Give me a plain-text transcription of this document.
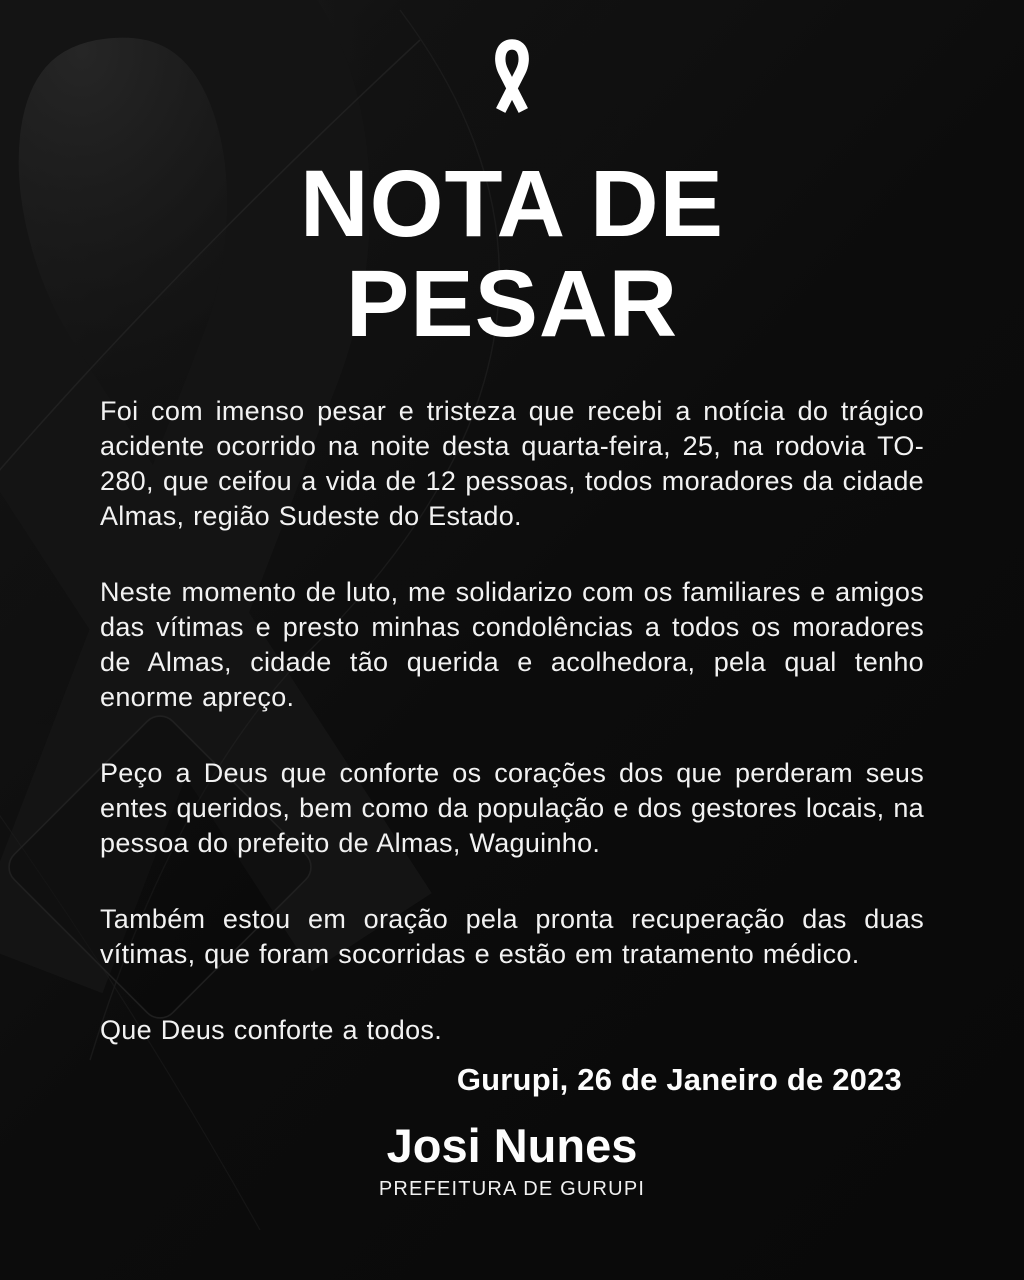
NOTA DE
PESAR

Foi com imenso pesar e tristeza que recebi a notícia do trágico acidente ocorrido na noite desta quarta-feira, 25, na rodovia TO-280, que ceifou a vida de 12 pessoas, todos moradores da cidade Almas, região Sudeste do Estado.

Neste momento de luto, me solidarizo com os familiares e amigos das vítimas e presto minhas condolências a todos os moradores de Almas, cidade tão querida e acolhedora, pela qual tenho enorme apreço.

Peço a Deus que conforte os corações dos que perderam seus entes queridos, bem como da população e dos gestores locais, na pessoa do prefeito de Almas, Waguinho.

Também estou em oração pela pronta recuperação das duas vítimas, que foram socorridas e estão em tratamento médico.

Que Deus conforte a todos.

Gurupi, 26 de Janeiro de 2023
Josi Nunes
PREFEITURA DE GURUPI
